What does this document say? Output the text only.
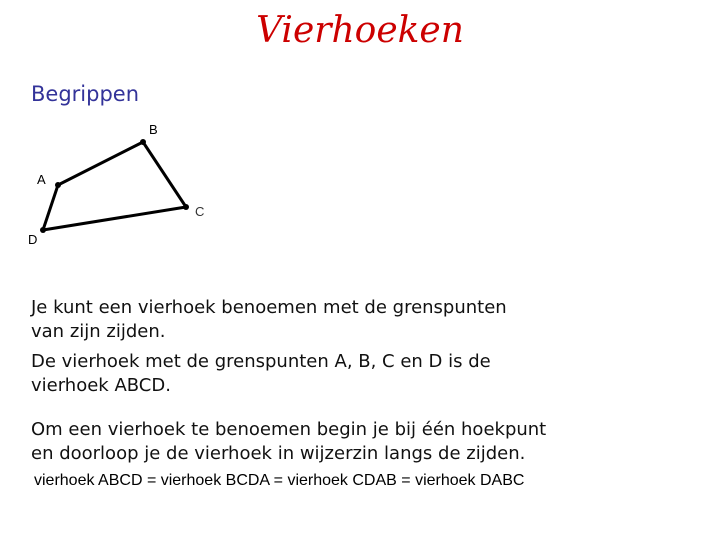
Vierhoeken
Begrippen
B
A
C
D
Je kunt een vierhoek benoemen met de grenspunten
van zijn zijden.
De vierhoek met de grenspunten A, B, C en D is de
vierhoek ABCD.
Om een vierhoek te benoemen begin je bij één hoekpunt
en doorloop je de vierhoek in wijzerzin langs de zijden.
vierhoek ABCD = vierhoek BCDA = vierhoek CDAB = vierhoek DABC
